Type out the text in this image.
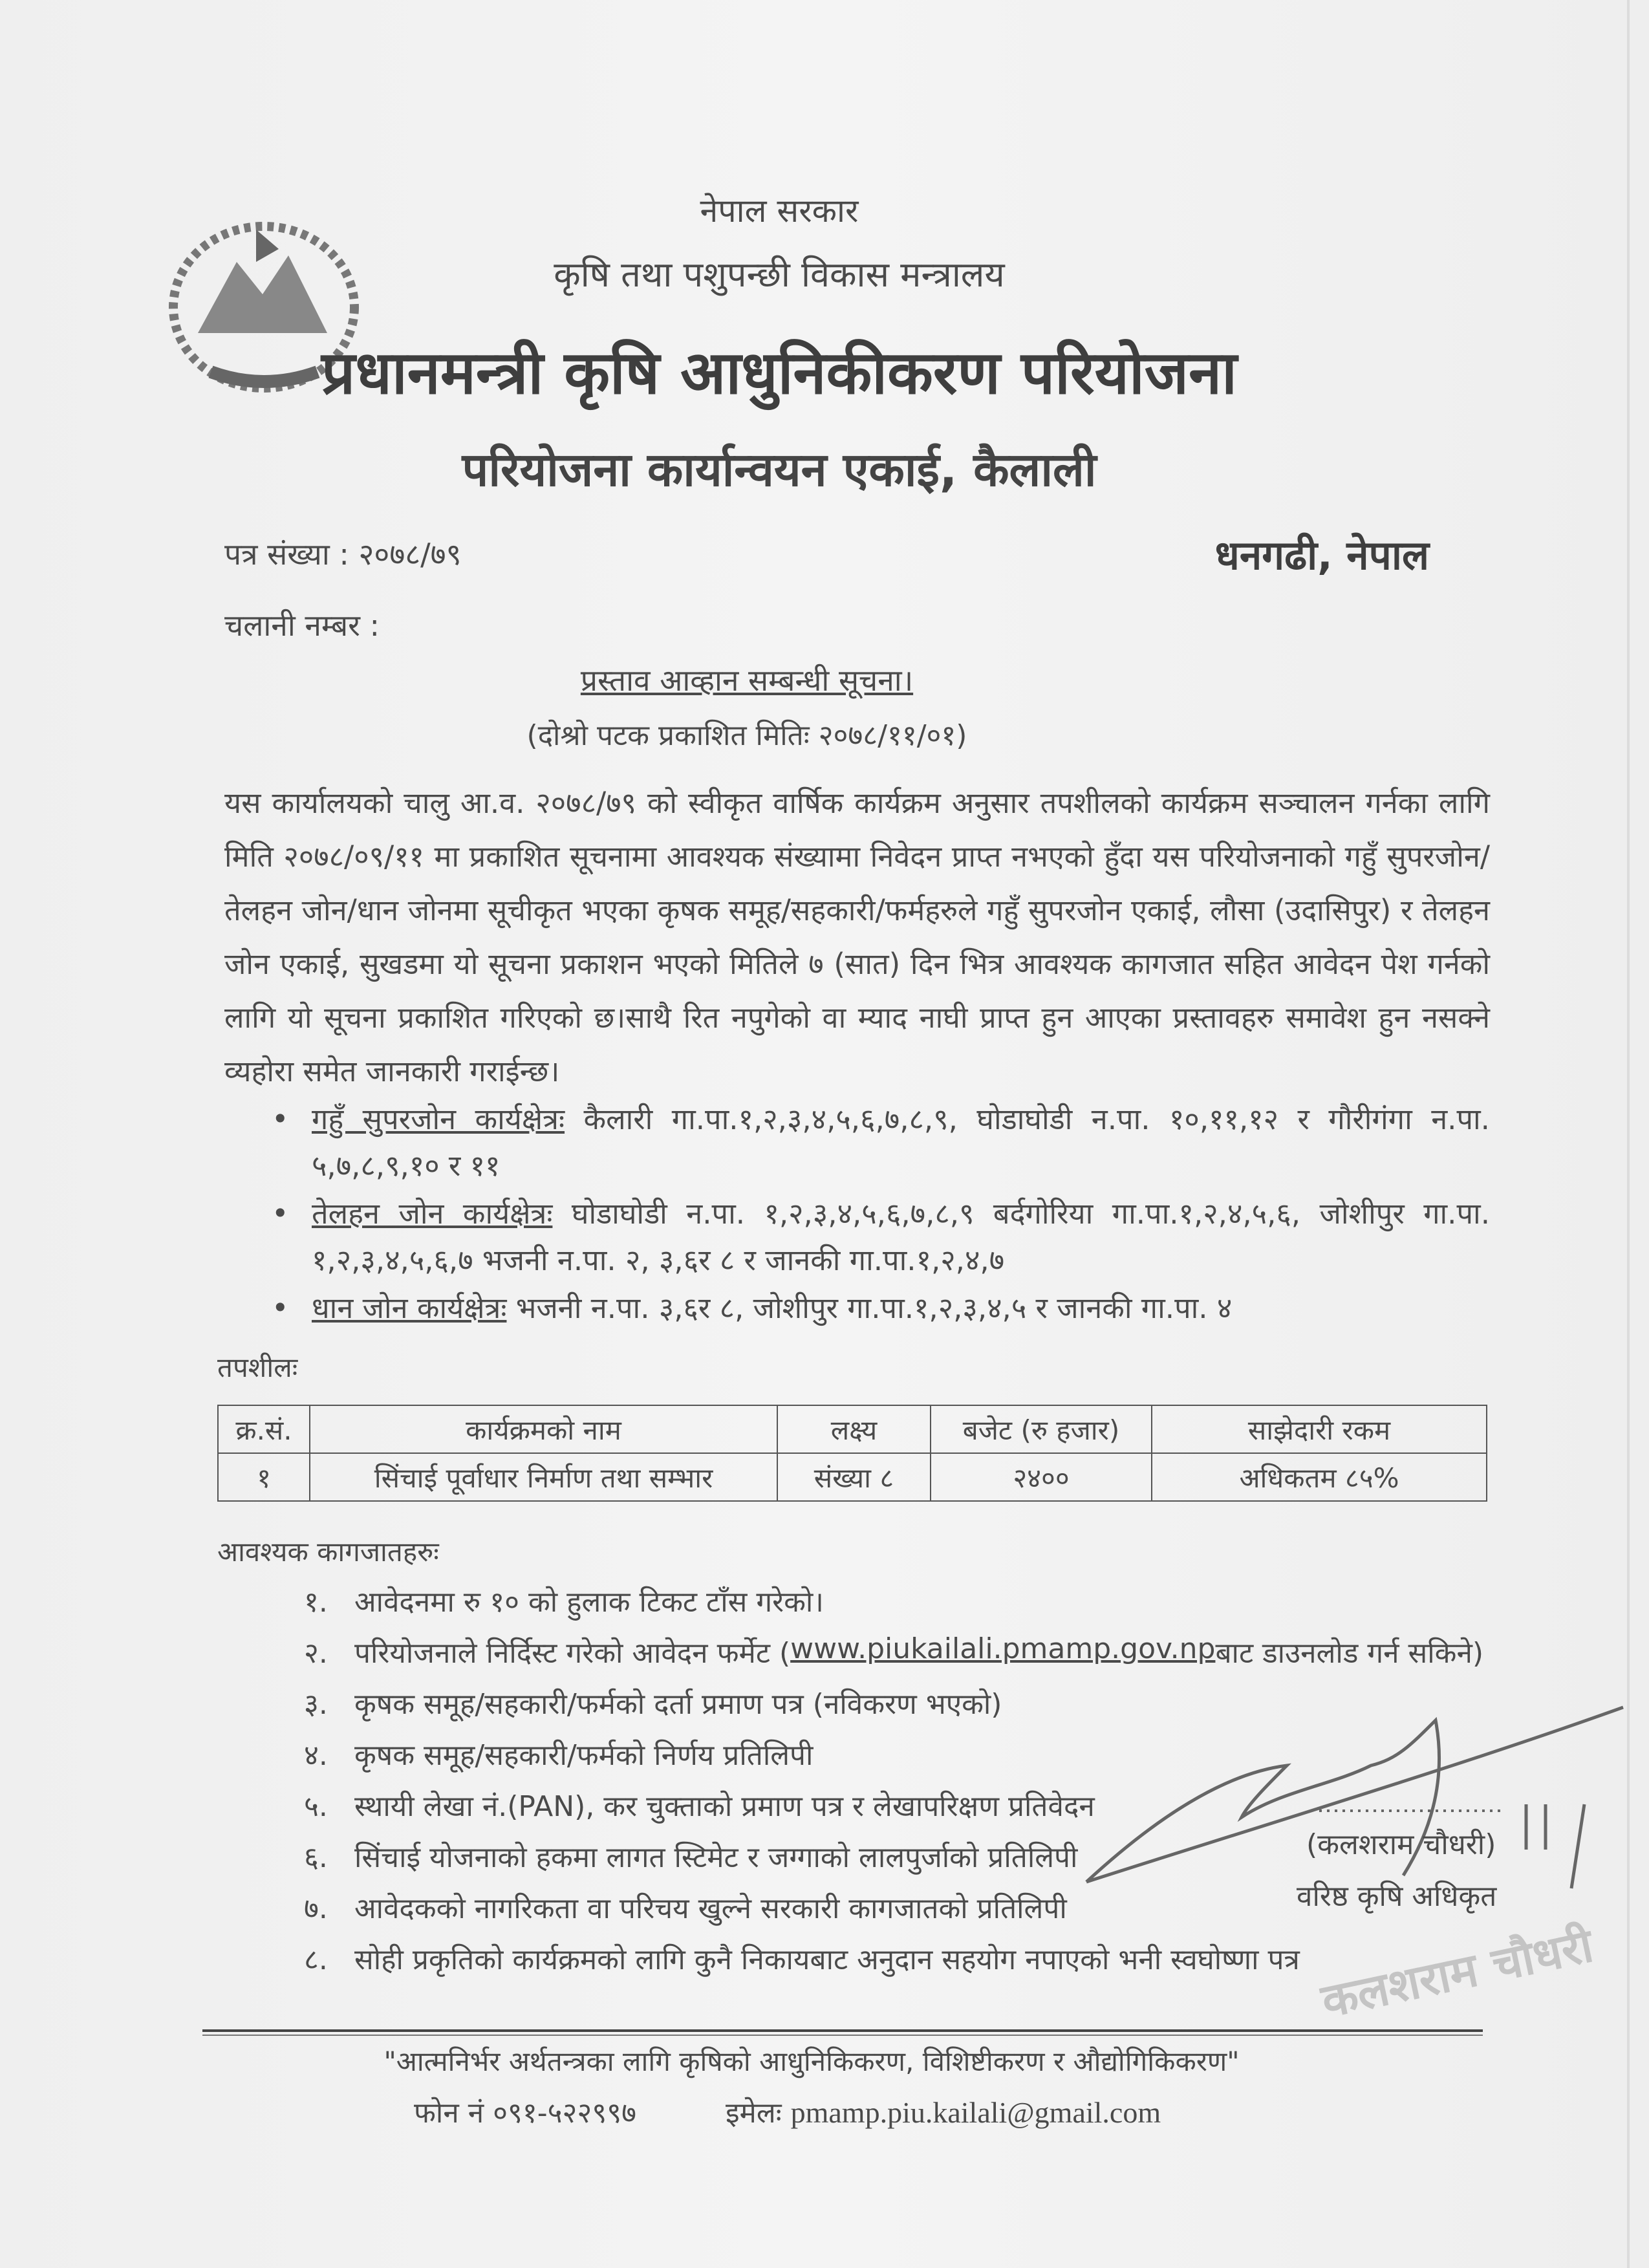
नेपाल सरकार
कृषि तथा पशुपन्छी विकास मन्त्रालय
प्रधानमन्त्री कृषि आधुनिकीकरण परियोजना
परियोजना कार्यान्वयन एकाई, कैलाली
पत्र संख्या : २०७८/७९	धनगढी, नेपाल
चलानी नम्बर :
प्रस्ताव आव्हान सम्बन्धी सूचना।
(दोश्रो पटक प्रकाशित मितिः २०७८/११/०१)
यस कार्यालयको चालु आ.व. २०७८/७९ को स्वीकृत वार्षिक कार्यक्रम अनुसार तपशीलको कार्यक्रम सञ्चालन गर्नका लागि मिति २०७८/०९/११ मा प्रकाशित सूचनामा आवश्यक संख्यामा निवेदन प्राप्त नभएको हुँदा यस परियोजनाको गहुँ सुपरजोन/तेलहन जोन/धान जोनमा सूचीकृत भएका कृषक समूह/सहकारी/फर्महरुले गहुँ सुपरजोन एकाई, लौसा (उदासिपुर) र तेलहन जोन एकाई, सुखडमा यो सूचना प्रकाशन भएको मितिले ७ (सात) दिन भित्र आवश्यक कागजात सहित आवेदन पेश गर्नको लागि यो सूचना प्रकाशित गरिएको छ।साथै रित नपुगेको वा म्याद नाघी प्राप्त हुन आएका प्रस्तावहरु समावेश हुन नसक्ने व्यहोरा समेत जानकारी गराईन्छ।
• गहुँ सुपरजोन कार्यक्षेत्रः कैलारी गा.पा.१,२,३,४,५,६,७,८,९, घोडाघोडी न.पा. १०,११,१२ र गौरीगंगा न.पा. ५,७,८,९,१० र ११
• तेलहन जोन कार्यक्षेत्रः घोडाघोडी न.पा. १,२,३,४,५,६,७,८,९ बर्दगोरिया गा.पा.१,२,४,५,६, जोशीपुर गा.पा. १,२,३,४,५,६,७ भजनी न.पा. २, ३,६र ८ र जानकी गा.पा.१,२,४,७
• धान जोन कार्यक्षेत्रः भजनी न.पा. ३,६र ८, जोशीपुर गा.पा.१,२,३,४,५ र जानकी गा.पा. ४
तपशीलः
क्र.सं.	कार्यक्रमको नाम	लक्ष्य	बजेट (रु हजार)	साझेदारी रकम
१	सिंचाई पूर्वाधार निर्माण तथा सम्भार	संख्या ८	२४००	अधिकतम ८५%
आवश्यक कागजातहरुः
१. आवेदनमा रु १० को हुलाक टिकट टाँस गरेको।
२. परियोजनाले निर्दिस्ट गरेको आवेदन फर्मेट ( www.piukailali.pmamp.gov.np बाट डाउनलोड गर्न सकिने)
३. कृषक समूह/सहकारी/फर्मको दर्ता प्रमाण पत्र (नविकरण भएको)
४. कृषक समूह/सहकारी/फर्मको निर्णय प्रतिलिपी
५. स्थायी लेखा नं.(PAN), कर चुक्ताको प्रमाण पत्र र लेखापरिक्षण प्रतिवेदन
६. सिंचाई योजनाको हकमा लागत स्टिमेट र जग्गाको लालपुर्जाको प्रतिलिपी
७. आवेदकको नागरिकता वा परिचय खुल्ने सरकारी कागजातको प्रतिलिपी
८. सोही प्रकृतिको कार्यक्रमको लागि कुनै निकायबाट अनुदान सहयोग नपाएको भनी स्वघोष्णा पत्र
(कलशराम चौधरी)
वरिष्ठ कृषि अधिकृत
कलशराम चौधरी
"आत्मनिर्भर अर्थतन्त्रका लागि कृषिको आधुनिकिकरण, विशिष्टीकरण र औद्योगिकिकरण"
फोन नं ०९१-५२२९९७	इमेलः pmamp.piu.kailali@gmail.com
